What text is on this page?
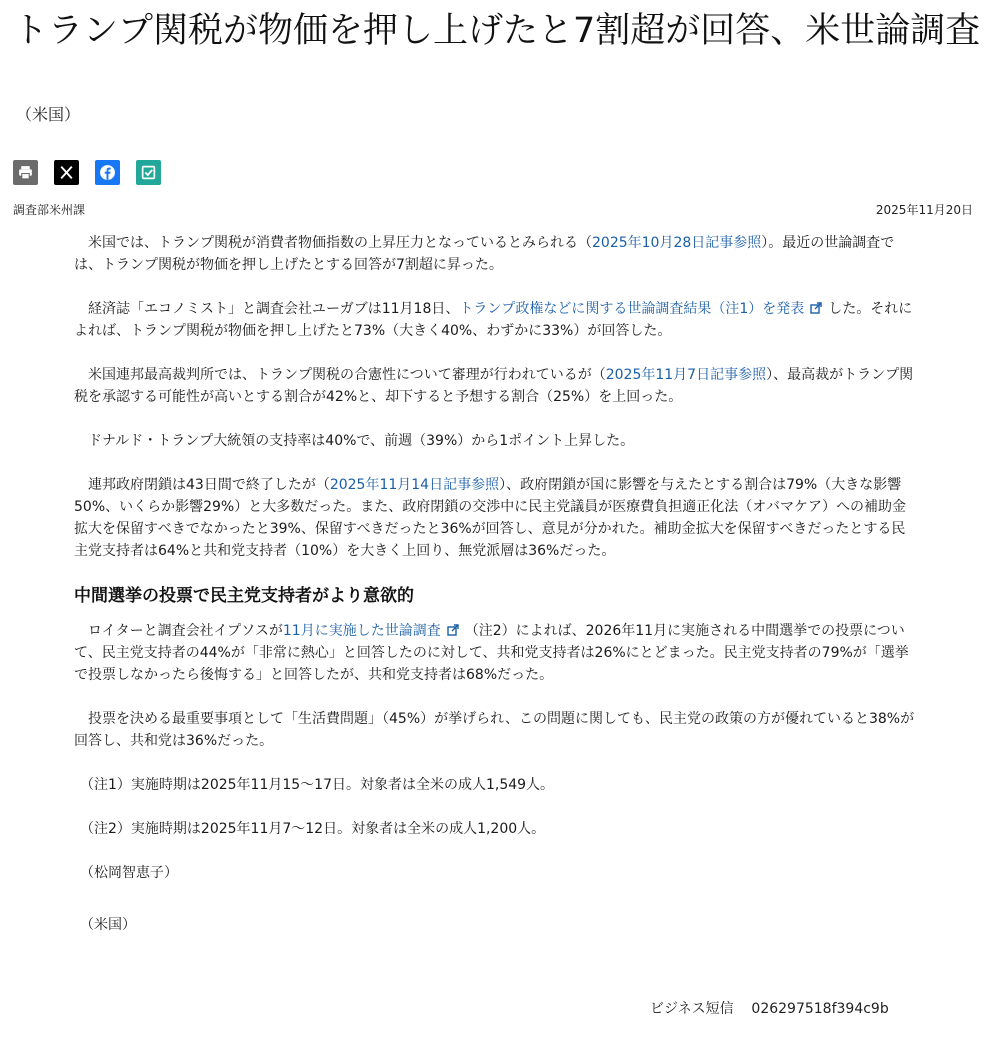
トランプ関税が物価を押し上げたと7割超が回答、米世論調査
（米国）
調査部米州課	2025年11月20日

米国では、トランプ関税が消費者物価指数の上昇圧力となっているとみられる（2025年10月28日記事参照）。最近の世論調査では、トランプ関税が物価を押し上げたとする回答が7割超に昇った。

経済誌「エコノミスト」と調査会社ユーガブは11月18日、トランプ政権などに関する世論調査結果（注1）を発表 した。それによれば、トランプ関税が物価を押し上げたと73%（大きく40%、わずかに33%）が回答した。

米国連邦最高裁判所では、トランプ関税の合憲性について審理が行われているが（2025年11月7日記事参照）、最高裁がトランプ関税を承認する可能性が高いとする割合が42%と、却下すると予想する割合（25%）を上回った。

ドナルド・トランプ大統領の支持率は40%で、前週（39%）から1ポイント上昇した。

連邦政府閉鎖は43日間で終了したが（2025年11月14日記事参照）、政府閉鎖が国に影響を与えたとする割合は79%（大きな影響50%、いくらか影響29%）と大多数だった。また、政府閉鎖の交渉中に民主党議員が医療費負担適正化法（オバマケア）への補助金拡大を保留すべきでなかったと39%、保留すべきだったと36%が回答し、意見が分かれた。補助金拡大を保留すべきだったとする民主党支持者は64%と共和党支持者（10%）を大きく上回り、無党派層は36%だった。

中間選挙の投票で民主党支持者がより意欲的

ロイターと調査会社イプソスが11月に実施した世論調査 （注2）によれば、2026年11月に実施される中間選挙での投票について、民主党支持者の44%が「非常に熱心」と回答したのに対して、共和党支持者は26%にとどまった。民主党支持者の79%が「選挙で投票しなかったら後悔する」と回答したが、共和党支持者は68%だった。

投票を決める最重要事項として「生活費問題」（45%）が挙げられ、この問題に関しても、民主党の政策の方が優れていると38%が回答し、共和党は36%だった。

（注1）実施時期は2025年11月15～17日。対象者は全米の成人1,549人。

（注2）実施時期は2025年11月7～12日。対象者は全米の成人1,200人。

（松岡智恵子）

（米国）

ビジネス短信 026297518f394c9b
